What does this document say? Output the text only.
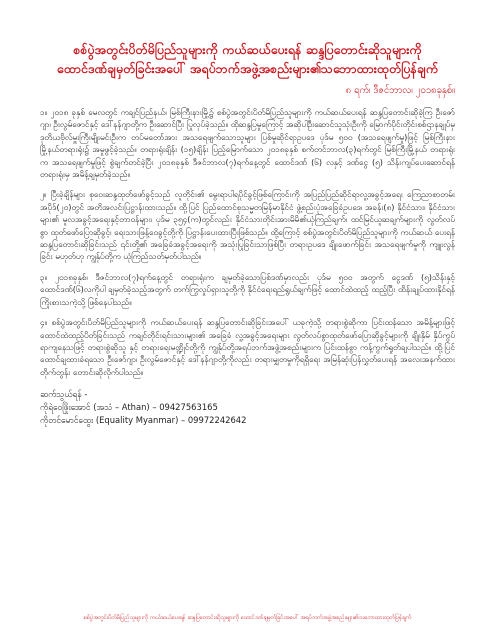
စစ်ပွဲအတွင်းပိတ်မိပြည်သူများကို ကယ်ဆယ်ပေးရန် ဆန္ဒပြတောင်းဆိုသူများကို
ထောင်ဒဏ်ချမှတ်ခြင်းအပေါ် အရပ်ဘက်အဖွဲ့အစည်းများ၏သဘောထားထုတ်ပြန်ချက်
၈ ရက်၊ ဒီဇင်ဘာလ၊ ၂၀၁၈ခုနှစ်။

၁။ ၂၀၁၈ ခုနှစ် မေလတွင် ကချင်ပြည်နယ်၊ မြစ်ကြီးနားမြို့၌ စစ်ပွဲအတွင်းပိတ်မိပြည်သူများကို ကယ်ဆယ်ပေးရန် ဆန္ဒပြတောင်းဆိုခဲ့ကြ ဦးဇော်ဂျာ၊ ဦးလွမ်ဇောင်နှင့် ဒေါ်နန်ဂျာတို့က ဦးဆောင်ပြီး ပြုလုပ်ခဲ့သည်။ ထိုဆန္ဒပြမှုကြောင့် အဆိုပါဦးဆောင်သူသုံးဦးကို မြောက်ပိုင်းတိုင်းစစ်ဌာနချုပ်မှ ဒုတိယဗိုလ်မှူးကြီးမျိုးမင်းဦးက တပ်မတော်အား အသရေဖျက်သောသူများ ပြစ်မှုဆိုင်ရာဥပဒေ ပုဒ်မ ၅၀၀ (အသရေဖျက်မှု)ဖြင့် မြစ်ကြီးနားမြို့နယ်တရားရုံး၌ အမှုဖွင့်ခဲ့သည်။ တရားရုံးချိန်း (၁၅)ချိန်း ပြည့်မြောက်သော ၂၀၁၈ခုနှစ် စက်တင်ဘာလ(၃)ရက်တွင် မြစ်ကြီးမြို့နယ် တရားရုံးက အသရေဖျက်မှုဖြင့် စွဲချက်တင်ခဲ့ပြီး ၂၀၁၈ခုနှစ် ဒီဇင်ဘာလ(၇)ရက်နေ့တွင် ထောင်ဒဏ် (၆) လနှင့် ဒဏ်ငွေ (၅) သိန်းကျပ်ပေးဆောင်ရန် တရားရုံးမှ အမိန့်ချမှတ်ခဲ့သည်။

၂။ ပြီးခဲ့ချိန်များ စုဝေးဆန္ဒထုတ်ဖော်ခွင့်သည် လူတိုင်း၏ မွေးရာပါရပိုင်ခွင့်ဖြစ်ကြောင်းကို အပြည်ပြည်ဆိုင်ရာလူ့အခွင့်အရေး ကြေညာစာတမ်း အပိုဒ်(၂၀)တွင် အတိအလင်းပြဋ္ဌာန်းထားသည်။ ထို့ပြင် ပြည်ထောင်စုသမ္မတမြန်မာနိုင်ငံ ဖွဲ့စည်းပုံအခြေခံဥပဒေ၊ အခန်း(၈) နိုင်ငံသား၊ နိုင်ငံသားများ၏ မူလအခွင့်အရေးနှင့်တာဝန်များ၊ ပုဒ်မ ၃၅၄(က)တွင်လည်း နိုင်ငံသားတိုင်းအားမိမိ၏ယုံကြည်ချက်၊ ထင်မြင်ယူဆချက်များကို လွတ်လပ်စွာ ထုတ်ဖော်ပြောဆိုခွင့်၊ ရေးသားဖြန့်ဝေခွင့်တို့ကို ပြဋ္ဌာန်းပေးထားပြီးဖြစ်သည်။ ထို့ကြောင့် စစ်ပွဲအတွင်းပိတ်မိပြည်သူများကို ကယ်ဆယ် ပေးရန် ဆန္ဒပြတောင်းဆိုခြင်းသည် ၎င်းတို့၏ အခြေခံအခွင့်အရေးကို အသုံးပြုခြင်းသာဖြစ်ပြီး တရားဥပဒေ ချိုးဖောက်ခြင်း အသရေဖျက်မှုကို ကျူးလွန်ခြင်း မဟုတ်ဟု ကျွန်ုပ်တို့က ယုံကြည်သတ်မှတ်ပါသည်။

၃။ ၂၀၁၈ခုနှစ်၊ ဒီဇင်ဘာလ(၇)ရက်နေ့တွင် တရားရုံးက ချမှတ်ခဲ့သောပြစ်ဒဏ်မှာလည်း ပုဒ်မ ၅၀၀ အတွက် ငွေဒဏ် (၅)သိန်းနှင့် ထောင်ဒဏ်(၆)လကိုပါ ချမှတ်ခဲ့သည့်အတွက် တက်ကြွလှုပ်ရှားသူတို့ကို နိုင်ငံရေးရည်ရွယ်ချက်ဖြင့် ထောင်ထဲထည့် ထည့်ပြီး ထိန်းချုပ်ထားနိုင်ရန် ကြိုးစားသကဲ့သို့ ဖြစ်နေပါသည်။

၄။ စစ်ပွဲအတွင်းပိတ်မိပြည်သူများကို ကယ်ဆယ်ပေးရန် ဆန္ဒပြတောင်းဆိုခြင်းအပေါ် ယခုကဲ့သို့ တရားစွဲဆိုကာ ပြင်းထန်သော အမိန့်များဖြင့် ထောင်ထဲထည့်ပိတ်ခြင်းသည် ကချင်တိုင်းရင်းသားများ၏ အခြေခံ လူ့အခွင့်အရေးများ လွတ်လပ်စွာထုတ်ဖော်ပြောဆိုခွင့်များကို ချိုးနှိမ် နှိပ်ကွပ်ရာကျနေသဖြင့် တရားစွဲဆိုသူ နှင့် တရားရေးမဏ္ဍိုင်တို့ကို ကျွန်ုပ်တို့အရပ်ဘက်အဖွဲ့အစည်းများက ပြင်းထန်စွာ ကန့်ကွက်ရှုတ်ချပါသည်။ ထို့ပြင် ထောင်ချထားခံရသော ဦးဇော်ဂျာ၊ ဦးလွမ်ဇောင်နှင့် ဒေါ်နန်ဂျာတို့ကိုလည်း တရားမျှတမှုကိုရရှိရေး အမြန်ဆုံးပြန်လွှတ်ပေးရန် အလေးအနက်ထား တိုက်တွန်း တောင်းဆိုလိုက်ပါသည်။

ဆက်သွယ်ရန် -

ကိုရဲဝေဖြိုးအောင် (အသံ – Athan) – 09427563165

ကိုတင်မောင်ထွေး (Equality Myanmar) – 09972242642

စစ်ပွဲအတွင်းပိတ်မိပြည်သူများကို ကယ်ဆယ်ပေးရန် ဆန္ဒပြတောင်းဆိုသူများကို ထောင်ဒဏ်ချမှတ်ခြင်းအပေါ် အရပ်ဘက်အဖွဲ့အစည်းများ၏သဘောထားထုတ်ပြန်ချက်
